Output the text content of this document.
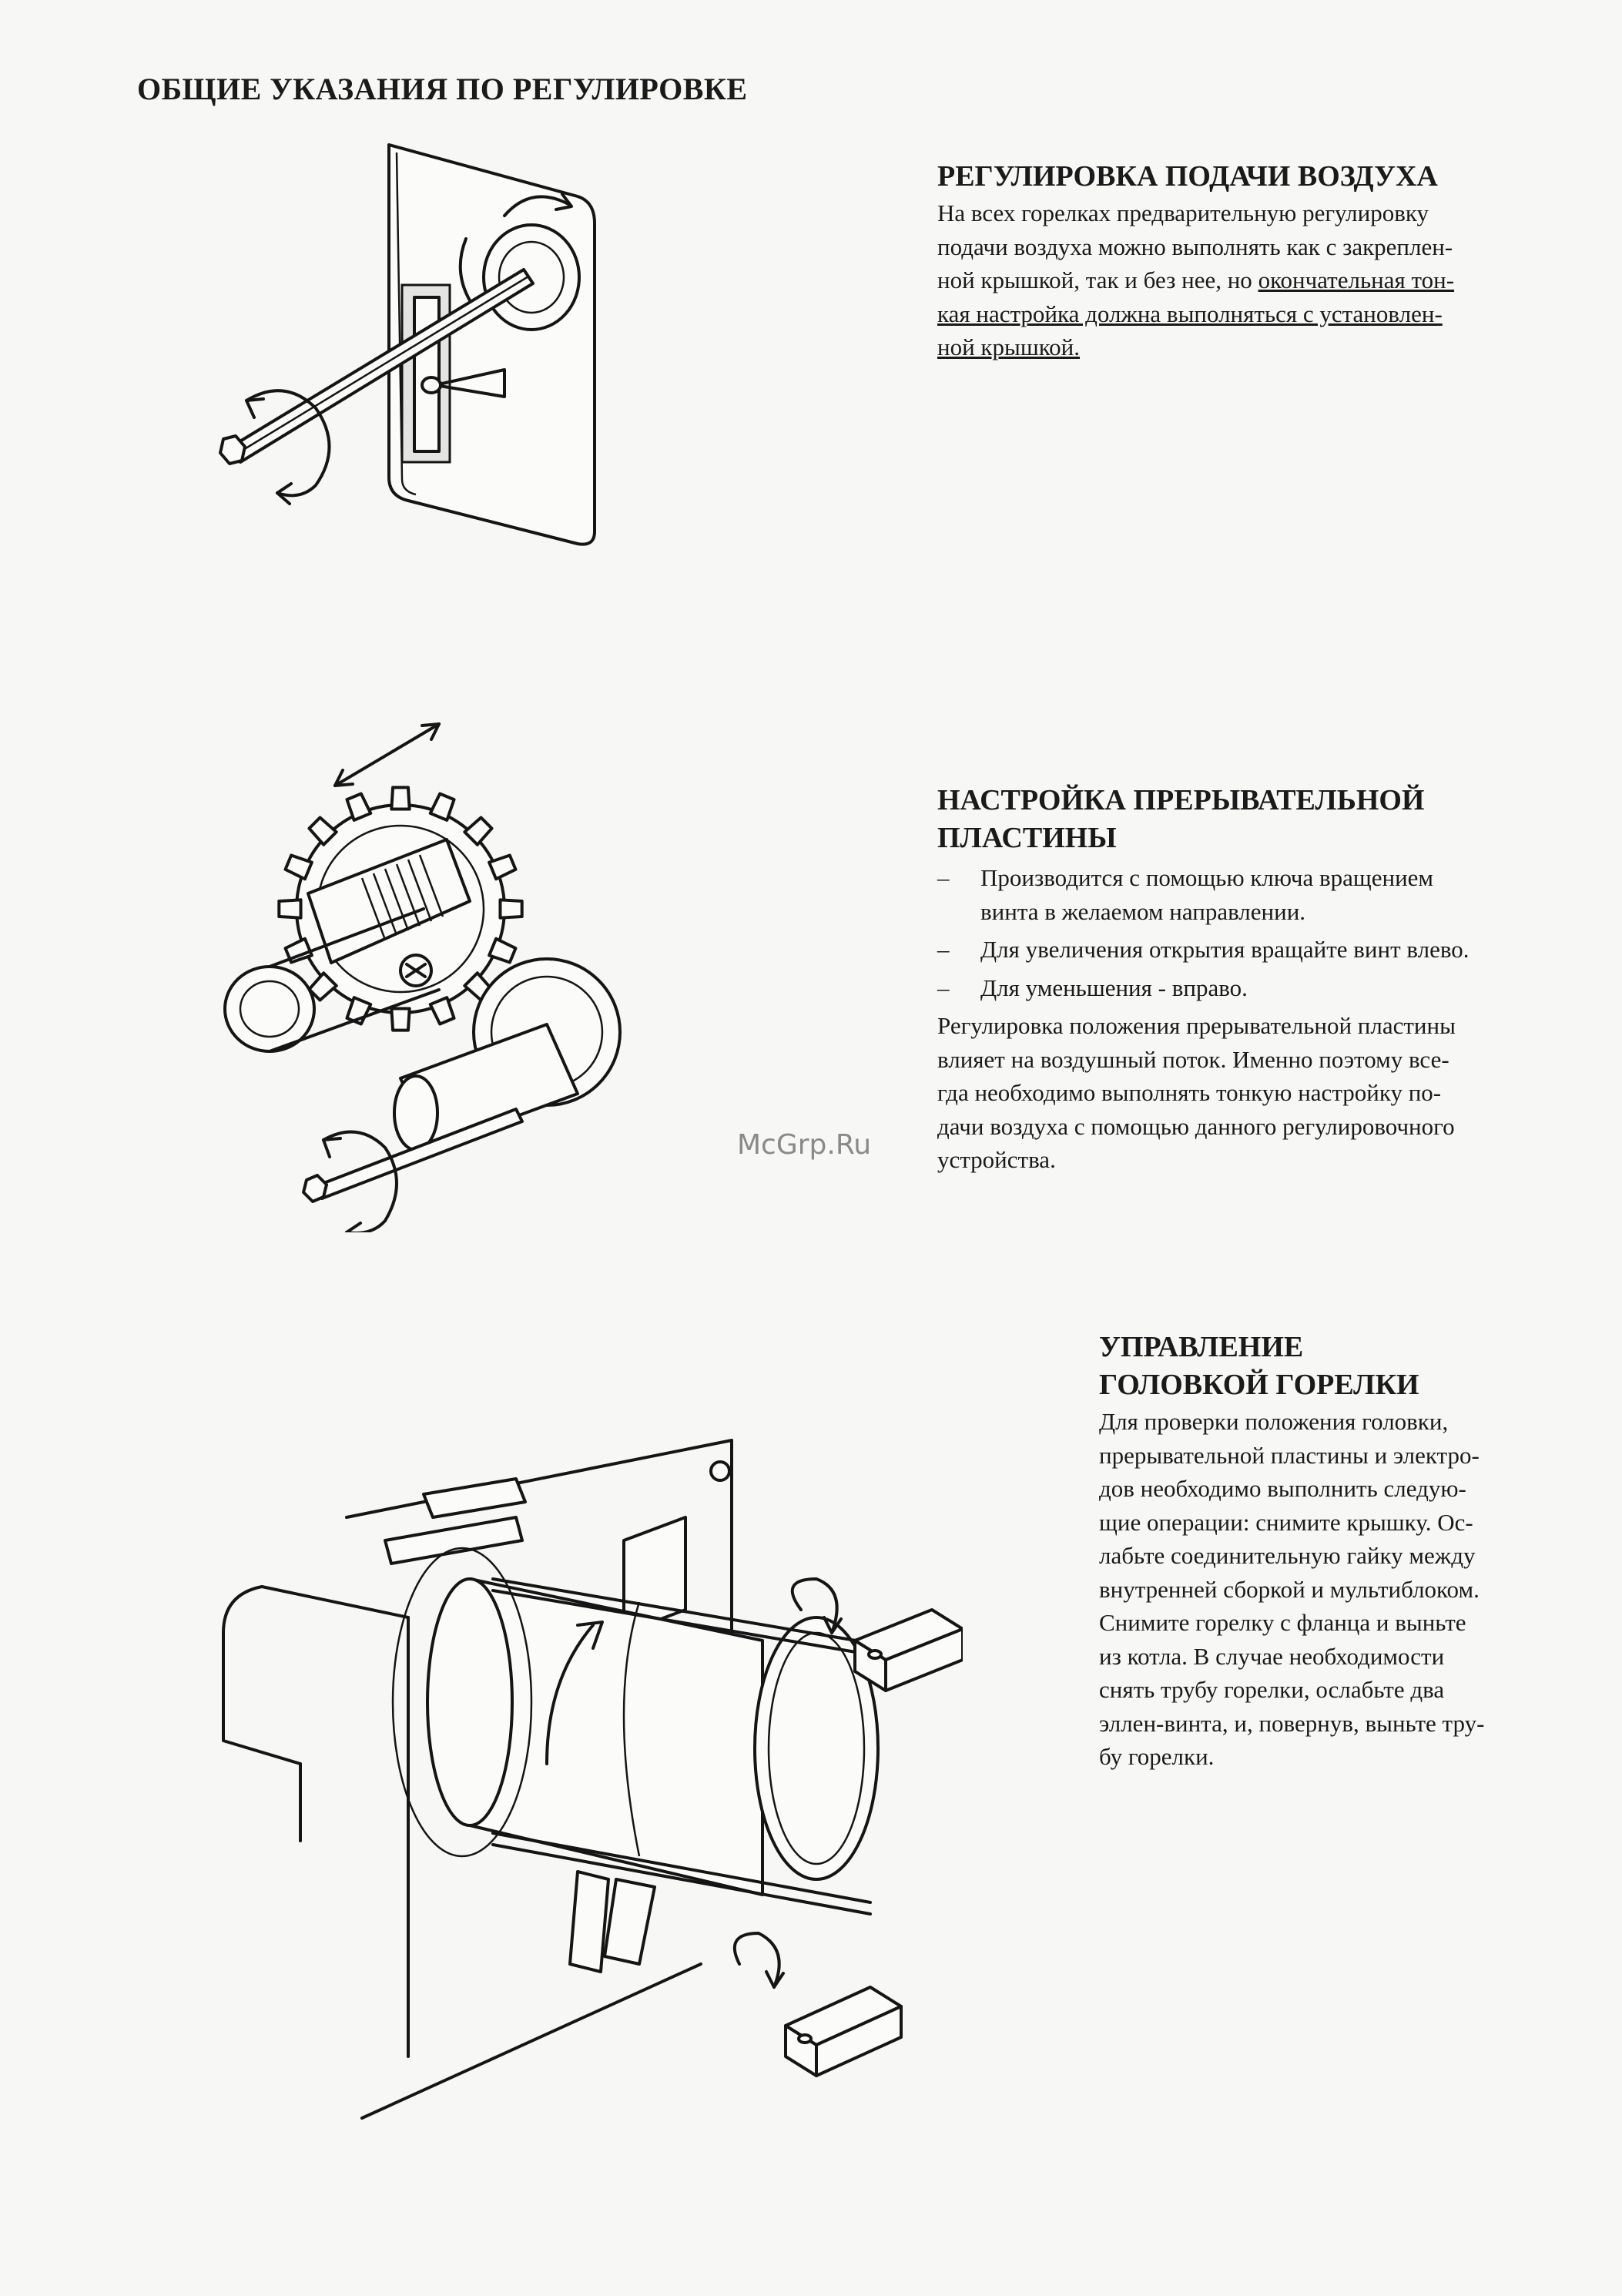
ОБЩИЕ УКАЗАНИЯ ПО РЕГУЛИРОВКЕ
РЕГУЛИРОВКА ПОДАЧИ ВОЗДУХА

На всех горелках предварительную регулировку

подачи воздуха можно выполнять как с закреплен-

ной крышкой, так и без нее, но окончательная тон-

кая настройка должна выполняться с установлен-

ной крышкой.

НАСТРОЙКА ПРЕРЫВАТЕЛЬНОЙ
ПЛАСТИНЫ
– Производится с помощью ключа вращением
винта в желаемом направлении.
– Для увеличения открытия вращайте винт влево.
– Для уменьшения - вправо.

Регулировка положения прерывательной пластины

влияет на воздушный поток. Именно поэтому все-

гда необходимо выполнять тонкую настройку по-

дачи воздуха с помощью данного регулировочного

устройства.

УПРАВЛЕНИЕ
ГОЛОВКОЙ ГОРЕЛКИ

Для проверки положения головки,

прерывательной пластины и электро-

дов необходимо выполнить следую-

щие операции: снимите крышку. Ос-

лабьте соединительную гайку между

внутренней сборкой и мультиблоком.

Снимите горелку с фланца и выньте

из котла. В случае необходимости

снять трубу горелки, ослабьте два

эллен-винта, и, повернув, выньте тру-

бу горелки.

McGrp.Ru
